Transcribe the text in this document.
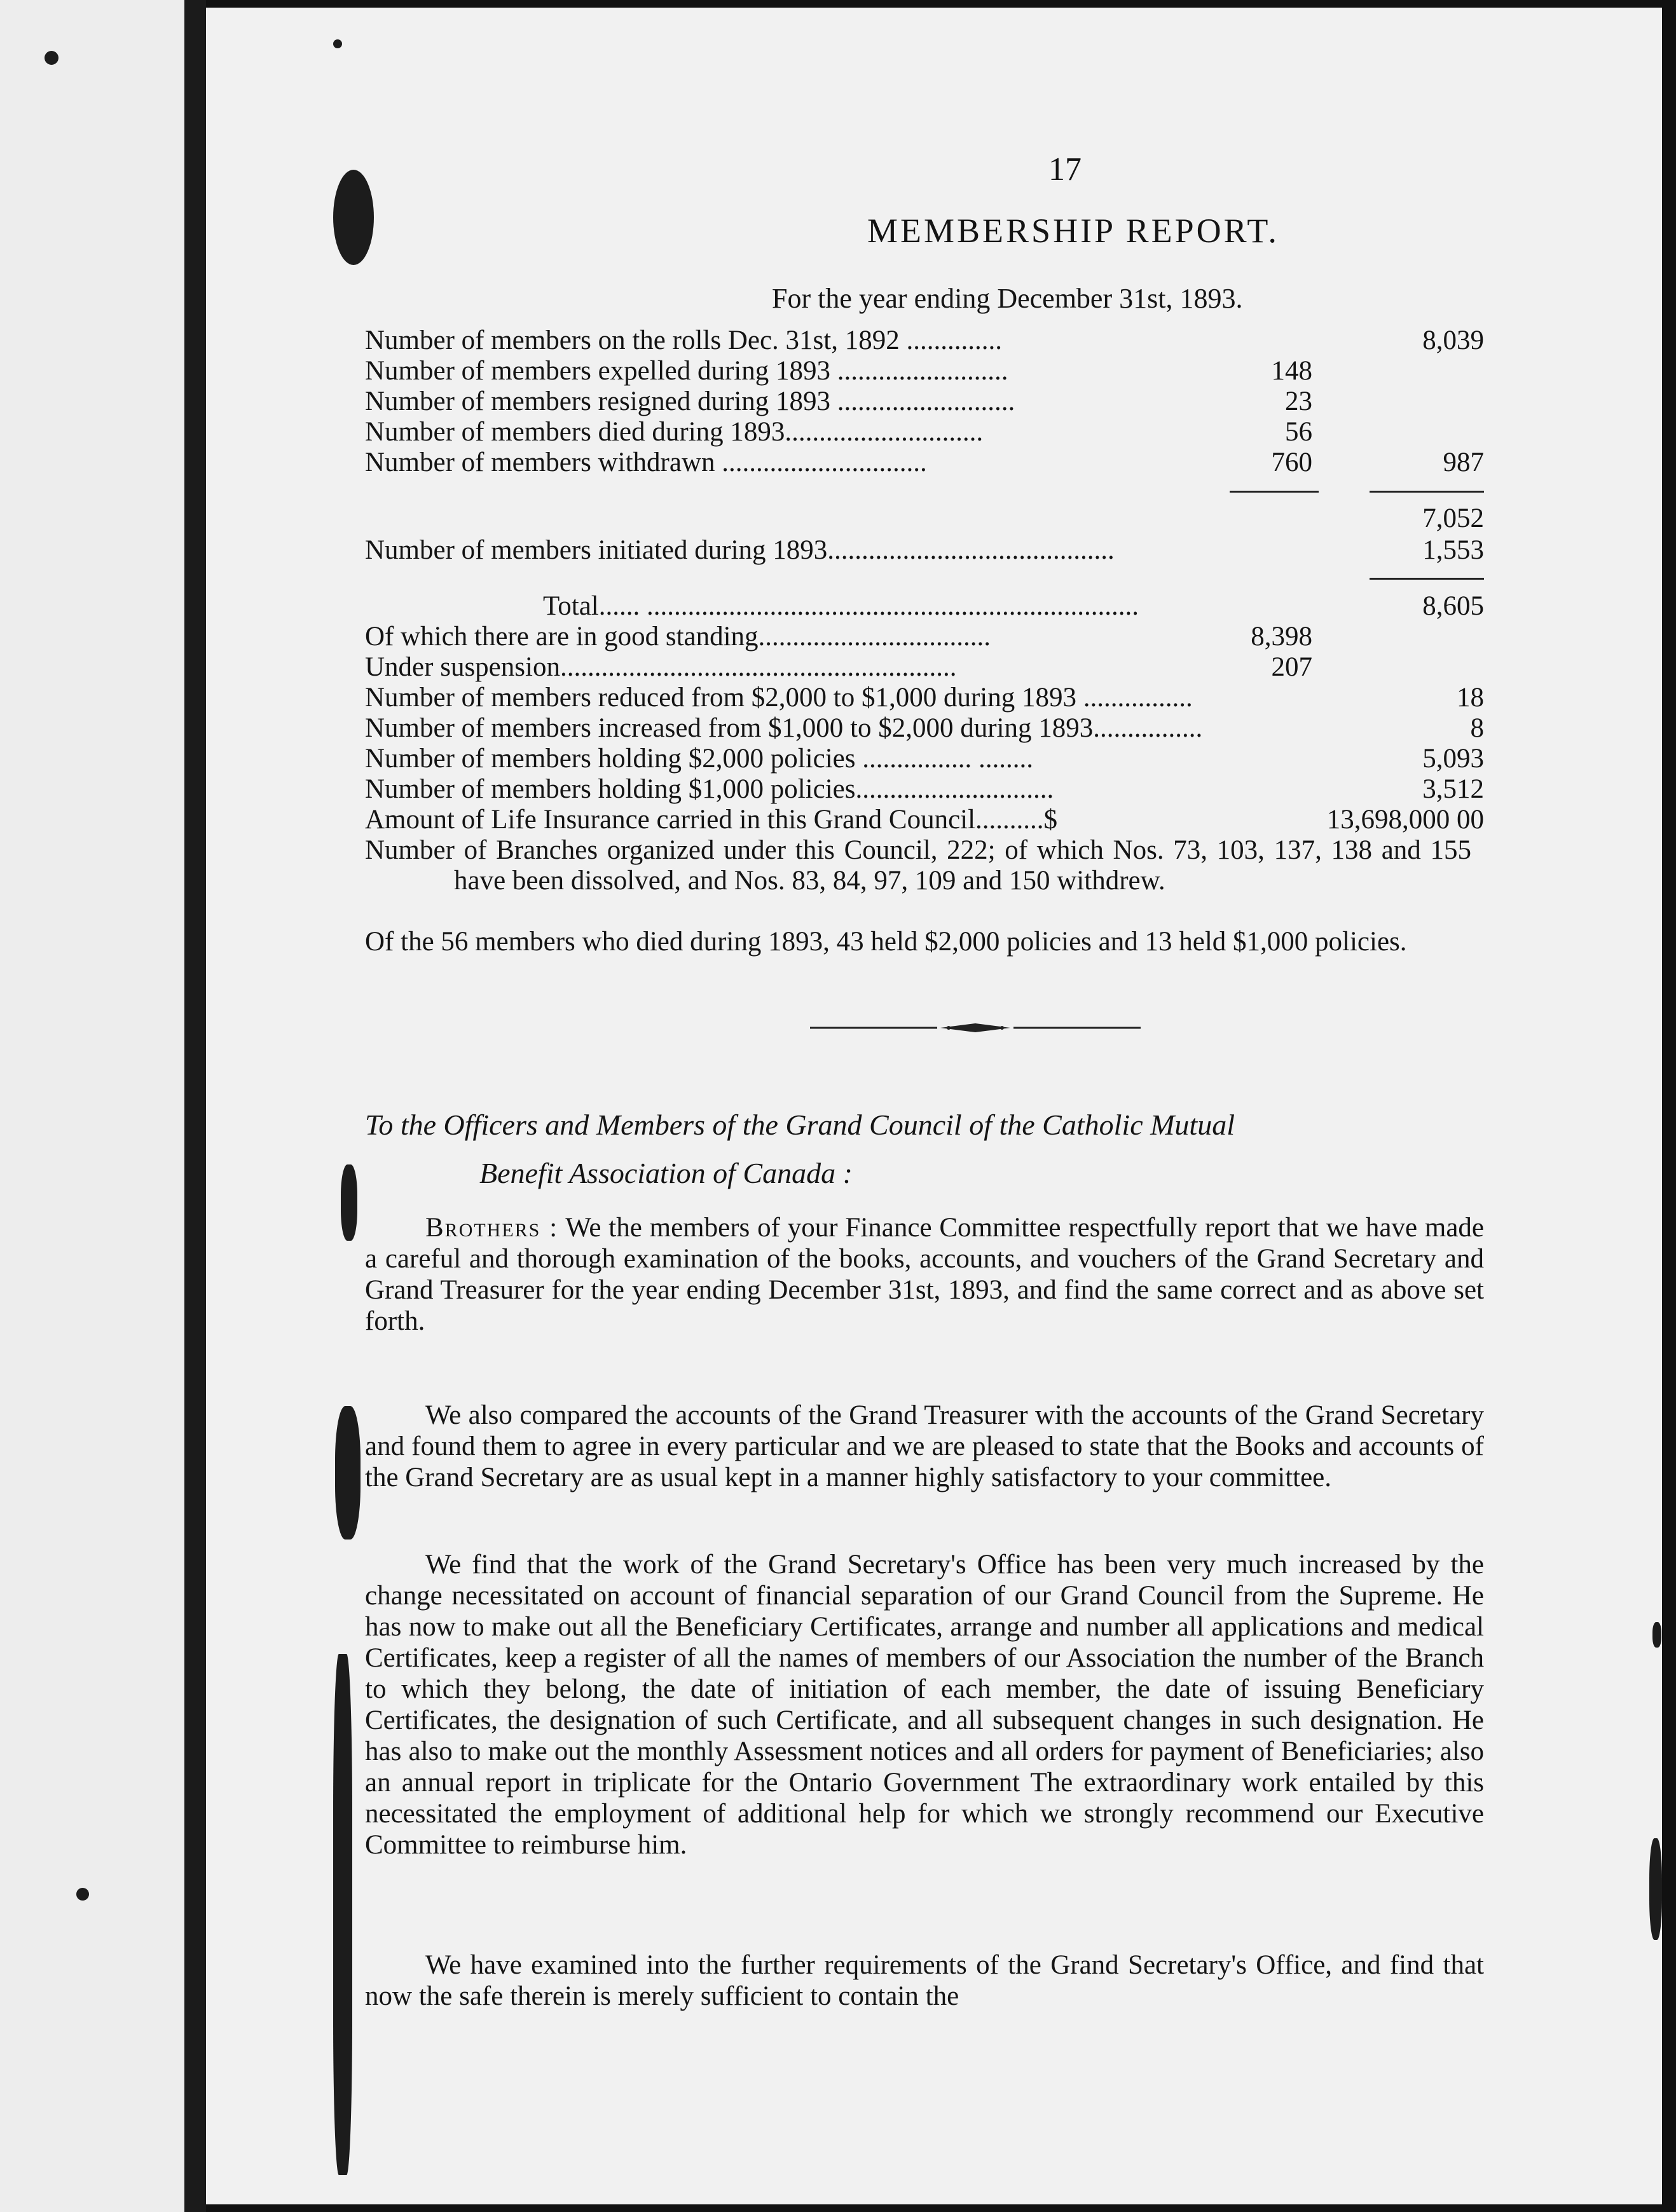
17
MEMBERSHIP REPORT.
For the year ending December 31st, 1893.
Number of members on the rolls Dec. 31st, 1892 ..............	8,039
Number of members expelled during 1893 .........................	148
Number of members resigned during 1893 ..........................	23
Number of members died during 1893.............................	56
Number of members withdrawn ..............................	760	987
7,052
Number of members initiated during 1893..........................................	1,553
Total...... ........................................................................	8,605
Of which there are in good standing..................................	8,398
Under suspension..........................................................	207
Number of members reduced from $2,000 to $1,000 during 1893 ................	18
Number of members increased from $1,000 to $2,000 during 1893................	8
Number of members holding $2,000 policies ................ ........	5,093
Number of members holding $1,000 policies.............................	3,512
Amount of Life Insurance carried in this Grand Council..........$	13,698,000 00
Number of Branches organized under this Council, 222; of which Nos. 73, 103, 137, 138 and 155 have been dissolved, and Nos. 83, 84, 97, 109 and 150 withdrew.
Of the 56 members who died during 1893, 43 held $2,000 policies and 13 held $1,000 policies.
To the Officers and Members of the Grand Council of the Catholic Mutual
Benefit Association of Canada :
Brothers : We the members of your Finance Committee respectfully report that we have made a careful and thorough examination of the books, accounts, and vouchers of the Grand Secretary and Grand Treasurer for the year ending December 31st, 1893, and find the same correct and as above set forth.
We also compared the accounts of the Grand Treasurer with the accounts of the Grand Secretary and found them to agree in every particular and we are pleased to state that the Books and accounts of the Grand Secretary are as usual kept in a manner highly satisfactory to your committee.
We find that the work of the Grand Secretary's Office has been very much increased by the change necessitated on account of financial separation of our Grand Council from the Supreme. He has now to make out all the Beneficiary Certificates, arrange and number all applications and medical Certificates, keep a register of all the names of members of our Association the number of the Branch to which they belong, the date of initiation of each member, the date of issuing Beneficiary Certificates, the designation of such Certificate, and all subsequent changes in such designation. He has also to make out the monthly Assessment notices and all orders for payment of Beneficiaries; also an annual report in triplicate for the Ontario Government The extraordinary work entailed by this necessitated the employment of additional help for which we strongly recommend our Executive Committee to reimburse him.
We have examined into the further requirements of the Grand Secretary's Office, and find that now the safe therein is merely sufficient to contain the
